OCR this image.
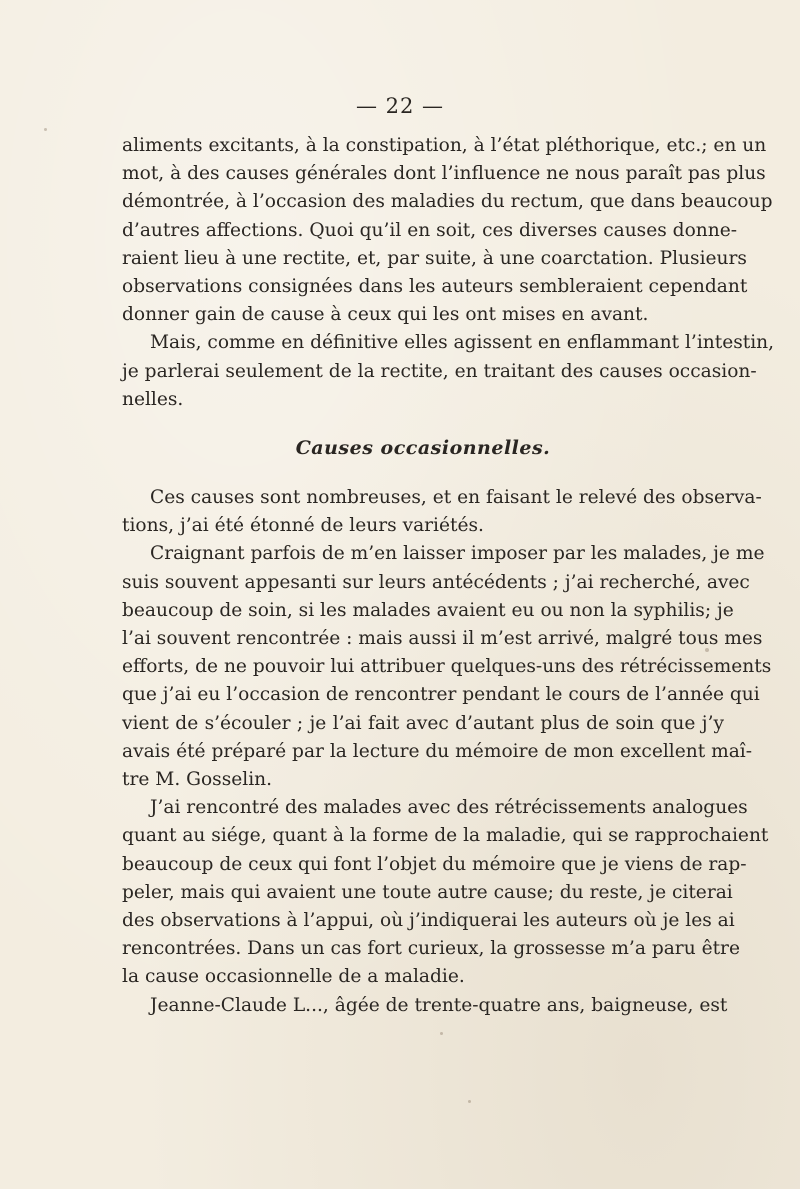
— 22 —

aliments excitants, à la constipation, à l’état pléthorique, etc.; en un
mot, à des causes générales dont l’influence ne nous paraît pas plus
démontrée, à l’occasion des maladies du rectum, que dans beaucoup
d’autres affections. Quoi qu’il en soit, ces diverses causes donne-
raient lieu à une rectite, et, par suite, à une coarctation. Plusieurs
observations consignées dans les auteurs sembleraient cependant
donner gain de cause à ceux qui les ont mises en avant.

Mais, comme en définitive elles agissent en enflammant l’intestin,
je parlerai seulement de la rectite, en traitant des causes occasion-
nelles.

Causes occasionnelles.

Ces causes sont nombreuses, et en faisant le relevé des observa-
tions, j’ai été étonné de leurs variétés.

Craignant parfois de m’en laisser imposer par les malades, je me
suis souvent appesanti sur leurs antécédents ; j’ai recherché, avec
beaucoup de soin, si les malades avaient eu ou non la syphilis; je
l’ai souvent rencontrée : mais aussi il m’est arrivé, malgré tous mes
efforts, de ne pouvoir lui attribuer quelques-uns des rétrécissements
que j’ai eu l’occasion de rencontrer pendant le cours de l’année qui
vient de s’écouler ; je l’ai fait avec d’autant plus de soin que j’y
avais été préparé par la lecture du mémoire de mon excellent maî-
tre M. Gosselin.

J’ai rencontré des malades avec des rétrécissements analogues
quant au siége, quant à la forme de la maladie, qui se rapprochaient
beaucoup de ceux qui font l’objet du mémoire que je viens de rap-
peler, mais qui avaient une toute autre cause; du reste, je citerai
des observations à l’appui, où j’indiquerai les auteurs où je les ai
rencontrées. Dans un cas fort curieux, la grossesse m’a paru être
la cause occasionnelle de a maladie.

Jeanne-Claude L..., âgée de trente-quatre ans, baigneuse, est
